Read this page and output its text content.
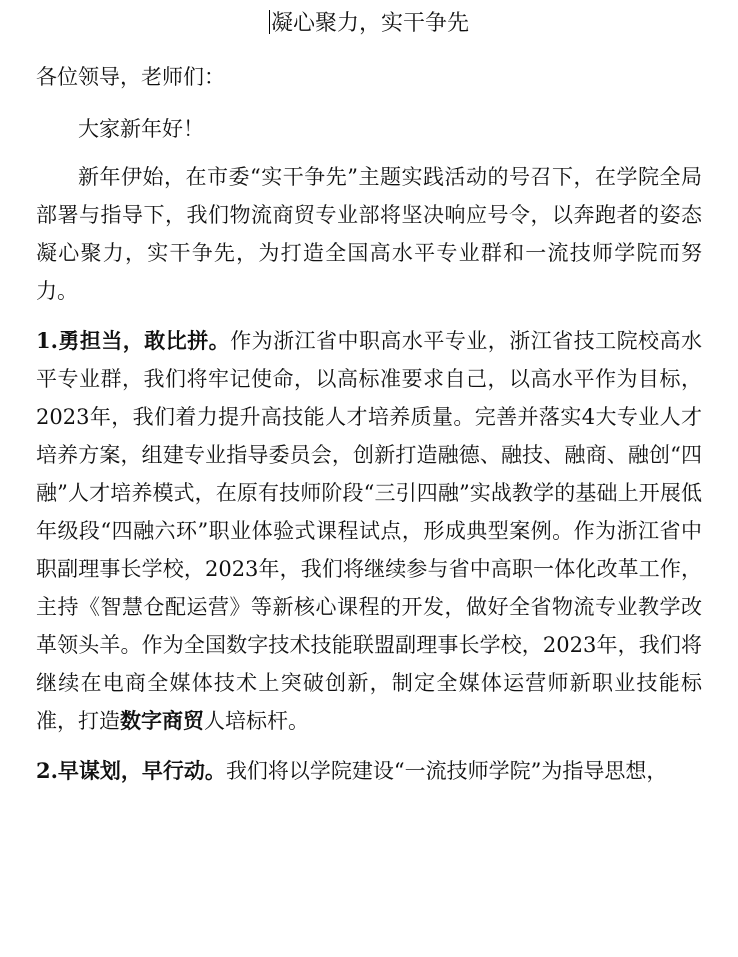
凝心聚力，实干争先

各位领导，老师们：

大家新年好！

新年伊始，在市委“实干争先”主题实践活动的号召下，在学院全局部署与指导下，我们物流商贸专业部将坚决响应号令，以奔跑者的姿态凝心聚力，实干争先，为打造全国高水平专业群和一流技师学院而努力。

1.勇担当，敢比拼。作为浙江省中职高水平专业，浙江省技工院校高水平专业群，我们将牢记使命，以高标准要求自己，以高水平作为目标，2023年，我们着力提升高技能人才培养质量。完善并落实4大专业人才培养方案，组建专业指导委员会，创新打造融德、融技、融商、融创“四融”人才培养模式，在原有技师阶段“三引四融”实战教学的基础上开展低年级段“四融六环”职业体验式课程试点，形成典型案例。作为浙江省中职副理事长学校，2023年，我们将继续参与省中高职一体化改革工作，主持《智慧仓配运营》等新核心课程的开发，做好全省物流专业教学改革领头羊。作为全国数字技术技能联盟副理事长学校，2023年，我们将继续在电商全媒体技术上突破创新，制定全媒体运营师新职业技能标准，打造数字商贸人培标杆。

2.早谋划，早行动。我们将以学院建设“一流技师学院”为指导思想，
